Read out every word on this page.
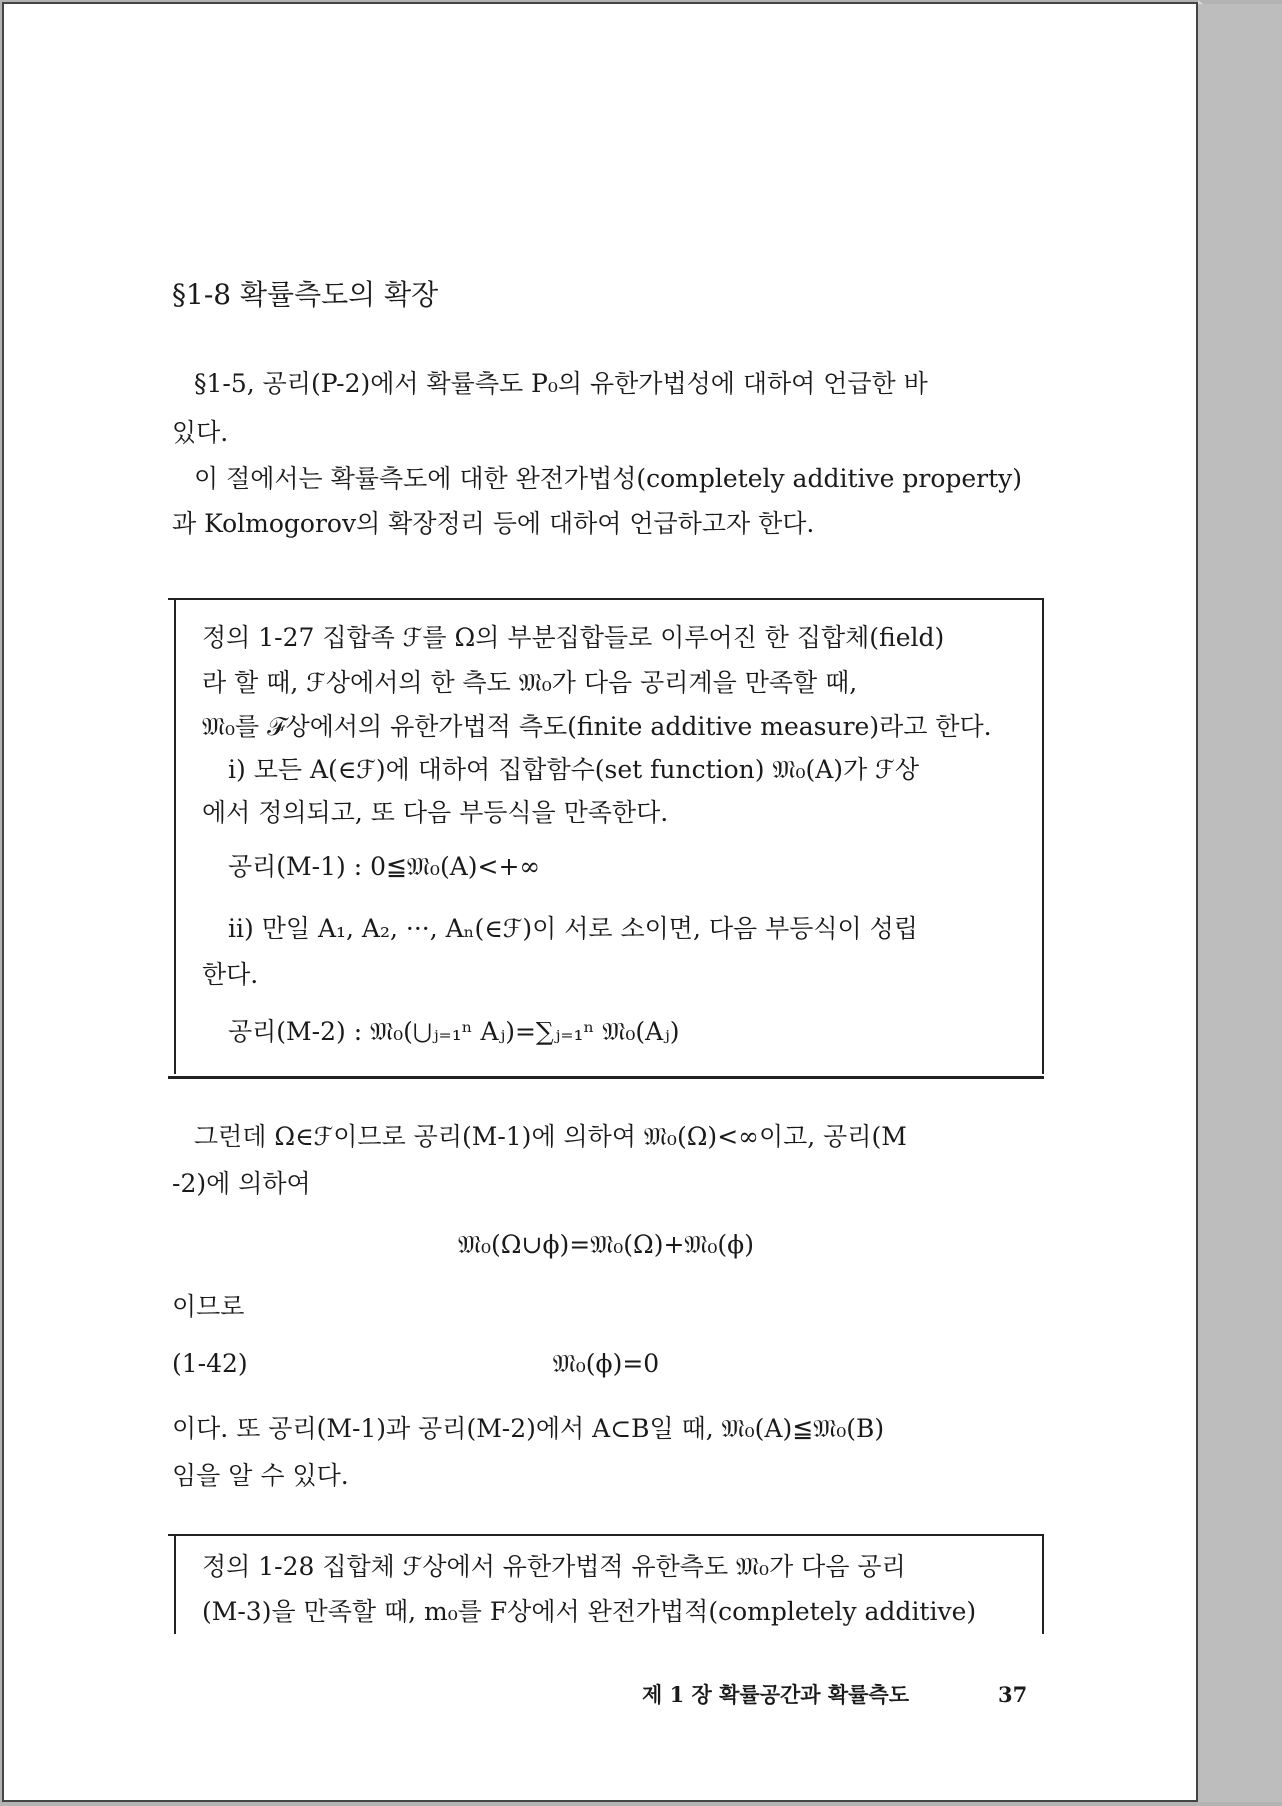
§1-8 확률측도의 확장
§1-5, 공리(P-2)에서 확률측도 P₀의 유한가법성에 대하여 언급한 바
있다.
이 절에서는 확률측도에 대한 완전가법성(completely additive property)
과 Kolmogorov의 확장정리 등에 대하여 언급하고자 한다.
정의 1-27 집합족 ℱ를 Ω의 부분집합들로 이루어진 한 집합체(field)
라 할 때, ℱ상에서의 한 측도 𝔐₀가 다음 공리계을 만족할 때,
𝔐₀를 ℱ상에서의 유한가법적 측도(finite additive measure)라고 한다.
i) 모든 A(∈ℱ)에 대하여 집합함수(set function) 𝔐₀(A)가 ℱ상
에서 정의되고, 또 다음 부등식을 만족한다.
공리(M-1) : 0≦𝔐₀(A)<+∞
ii) 만일 A₁, A₂, ···, Aₙ(∈ℱ)이 서로 소이면, 다음 부등식이 성립
한다.
공리(M-2) : 𝔐₀(⋃ⱼ₌₁ⁿ Aⱼ)=∑ⱼ₌₁ⁿ 𝔐₀(Aⱼ)
그런데 Ω∈ℱ이므로 공리(M-1)에 의하여 𝔐₀(Ω)<∞이고, 공리(M
-2)에 의하여
𝔐₀(Ω∪ϕ)=𝔐₀(Ω)+𝔐₀(ϕ)
이므로
𝔐₀(ϕ)=0
(1-42)
이다. 또 공리(M-1)과 공리(M-2)에서 A⊂B일 때, 𝔐₀(A)≦𝔐₀(B)
임을 알 수 있다.
정의 1-28 집합체 ℱ상에서 유한가법적 유한측도 𝔐₀가 다음 공리
(M-3)을 만족할 때, m₀를 F상에서 완전가법적(completely additive)
제 1 장 확률공간과 확률측도	37
